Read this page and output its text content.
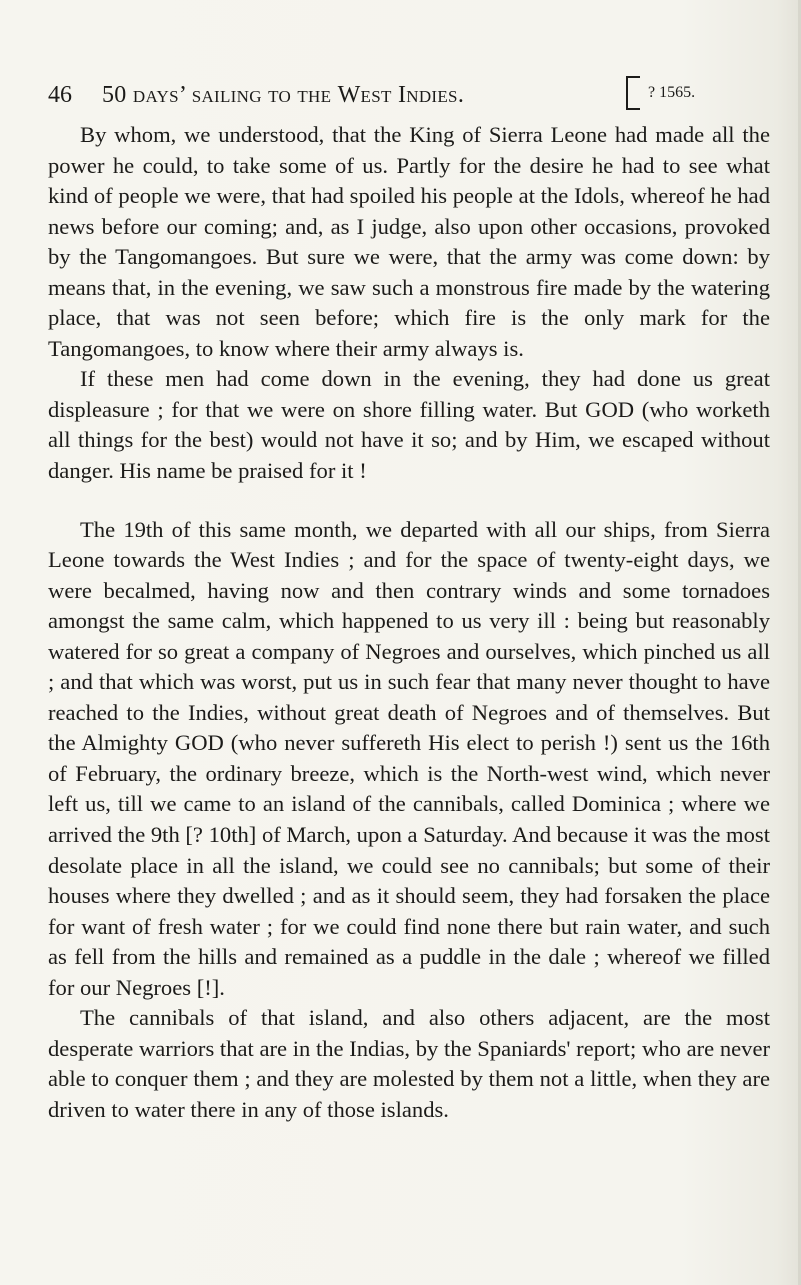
46 50 days’ sailing to the West Indies.	? 1565.

By whom, we understood, that the King of Sierra Leone had made all the power he could, to take some of us. Partly for the desire he had to see what kind of people we were, that had spoiled his people at the Idols, whereof he had news before our coming; and, as I judge, also upon other occasions, provoked by the Tangomangoes. But sure we were, that the army was come down: by means that, in the evening, we saw such a monstrous fire made by the watering place, that was not seen before; which fire is the only mark for the Tangomangoes, to know where their army always is.

If these men had come down in the evening, they had done us great displeasure ; for that we were on shore filling water. But GOD (who worketh all things for the best) would not have it so; and by Him, we escaped without danger. His name be praised for it !

The 19th of this same month, we departed with all our ships, from Sierra Leone towards the West Indies ; and for the space of twenty-eight days, we were becalmed, having now and then contrary winds and some tornadoes amongst the same calm, which happened to us very ill : being but reasonably watered for so great a company of Negroes and ourselves, which pinched us all ; and that which was worst, put us in such fear that many never thought to have reached to the Indies, without great death of Negroes and of themselves. But the Almighty GOD (who never suffereth His elect to perish !) sent us the 16th of February, the ordinary breeze, which is the North-west wind, which never left us, till we came to an island of the cannibals, called Dominica ; where we arrived the 9th [? 10th] of March, upon a Saturday. And because it was the most desolate place in all the island, we could see no cannibals; but some of their houses where they dwelled ; and as it should seem, they had forsaken the place for want of fresh water ; for we could find none there but rain water, and such as fell from the hills and remained as a puddle in the dale ; whereof we filled for our Negroes [!].

The cannibals of that island, and also others adjacent, are the most desperate warriors that are in the Indias, by the Spaniards' report; who are never able to conquer them ; and they are molested by them not a little, when they are driven to water there in any of those islands.
